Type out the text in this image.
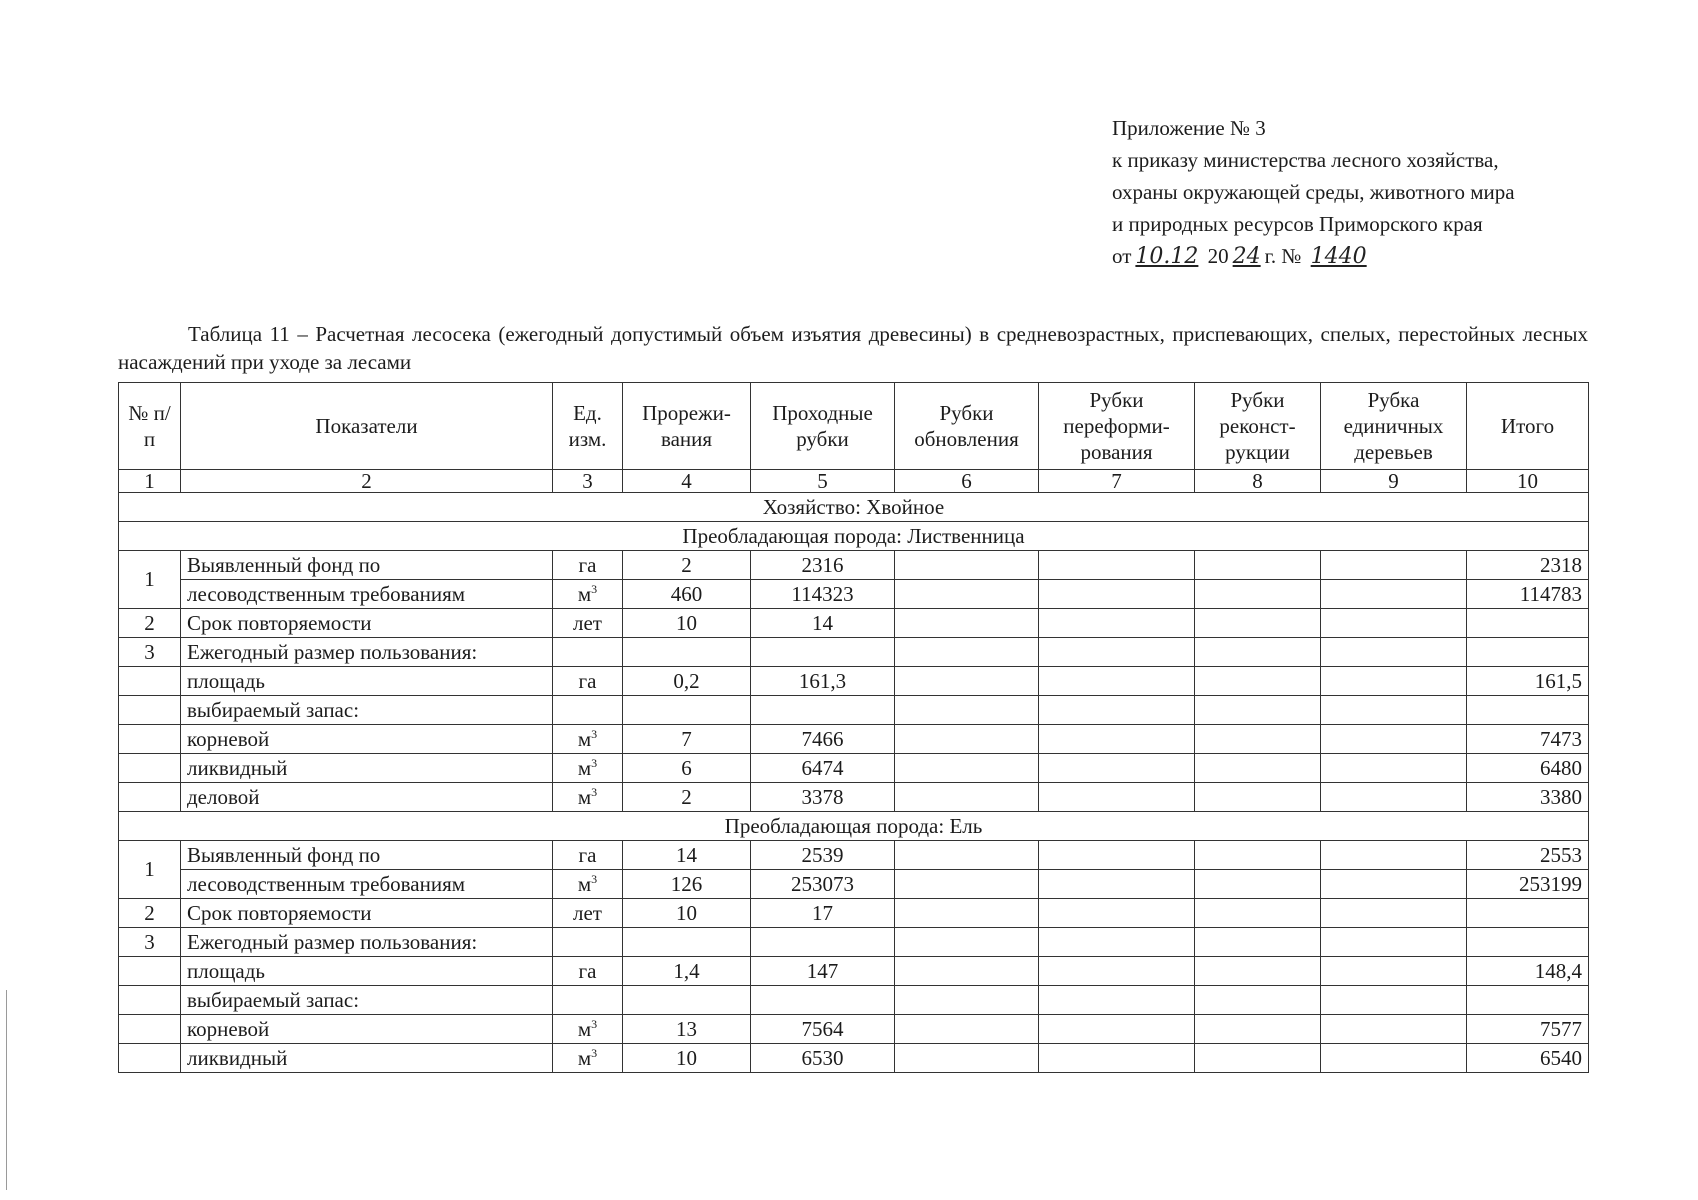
Приложение № 3
к приказу министерства лесного хозяйства,
охраны окружающей среды, животного мира
и природных ресурсов Приморского края
от 10.12 20 24 г. № 1440
Таблица 11 – Расчетная лесосека (ежегодный допустимый объем изъятия древесины) в средневозрастных, приспевающих, спелых, перестойных лесных насаждений при уходе за лесами
№ п/п	Показатели	Ед. изм.	Прорежи-вания	Проходные рубки	Рубки обновления	Рубки переформи-рования	Рубки реконст-рукции	Рубка единичных деревьев	Итого
1	2	3	4	5	6	7	8	9	10
Хозяйство: Хвойное									
Преобладающая порода: Лиственница									
1	Выявленный фонд по	га	2	2316					2318
	лесоводственным требованиям	$м^3$	460	114323					114783
2	Срок повторяемости	лет	10	14					
3	Ежегодный размер пользования:								
	площадь	га	0,2	161,3					161,5
	выбираемый запас:								
	корневой	$м^3$	7	7466					7473
	ликвидный	$м^3$	6	6474					6480
	деловой	$м^3$	2	3378					3380
Преобладающая порода: Ель									
1	Выявленный фонд по	га	14	2539					2553
	лесоводственным требованиям	$м^3$	126	253073					253199
2	Срок повторяемости	лет	10	17					
3	Ежегодный размер пользования:								
	площадь	га	1,4	147					148,4
	выбираемый запас:								
	корневой	$м^3$	13	7564					7577
	ликвидный	$м^3$	10	6530					6540
